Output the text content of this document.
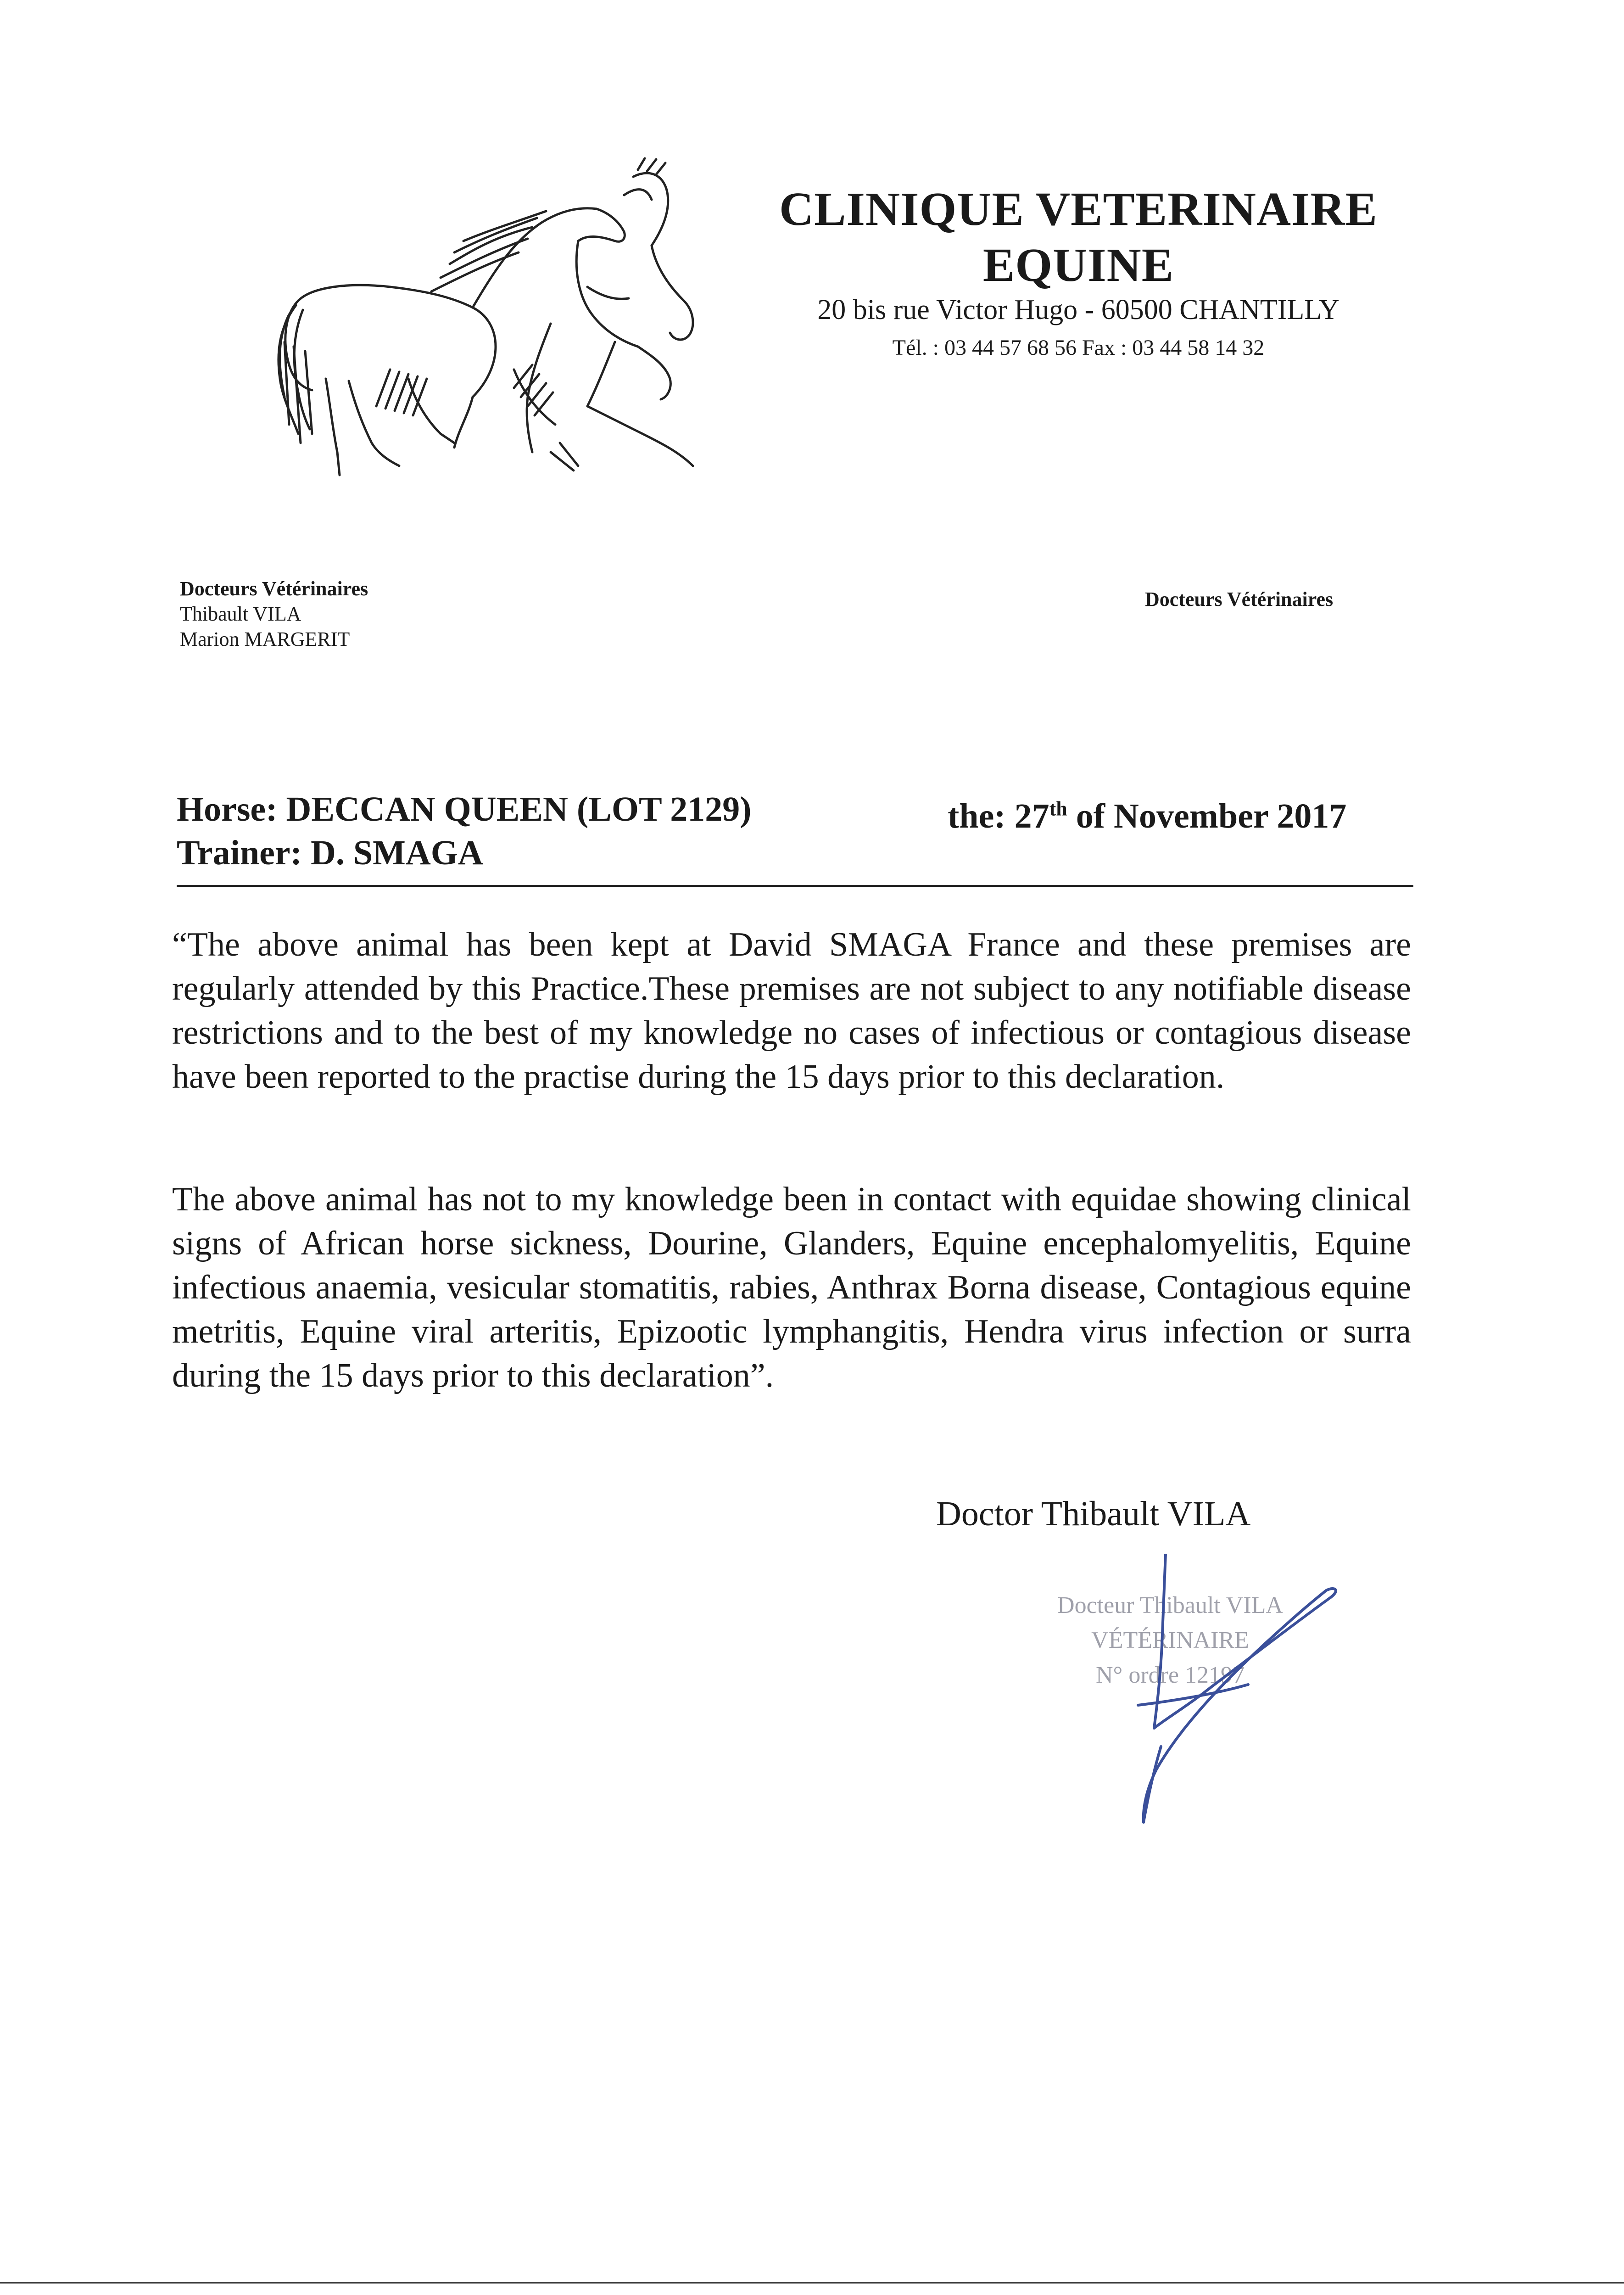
CLINIQUE VETERINAIRE
EQUINE
20 bis rue Victor Hugo - 60500 CHANTILLY
Tél. : 03 44 57 68 56 Fax : 03 44 58 14 32
Docteurs Vétérinaires
Thibault VILA
Marion MARGERIT
Docteurs Vétérinaires
Horse: DECCAN QUEEN (LOT 2129)
Trainer: D. SMAGA
the: 27th of November 2017
“The above animal has been kept at David SMAGA France and these premises are regularly attended by this Practice.These premises are not subject to any notifiable disease restrictions and to the best of my knowledge no cases of infectious or contagious disease have been reported to the practise during the 15 days prior to this declaration.
The above animal has not to my knowledge been in contact with equidae showing clinical signs of African horse sickness, Dourine, Glanders, Equine encephalomyelitis, Equine infectious anaemia, vesicular stomatitis, rabies, Anthrax Borna disease, Contagious equine metritis, Equine viral arteritis, Epizootic lymphangitis, Hendra virus infection or surra during the 15 days prior to this declaration”.
Doctor Thibault VILA
Docteur Thibault VILA
VÉTÉRINAIRE
N° ordre 12197
